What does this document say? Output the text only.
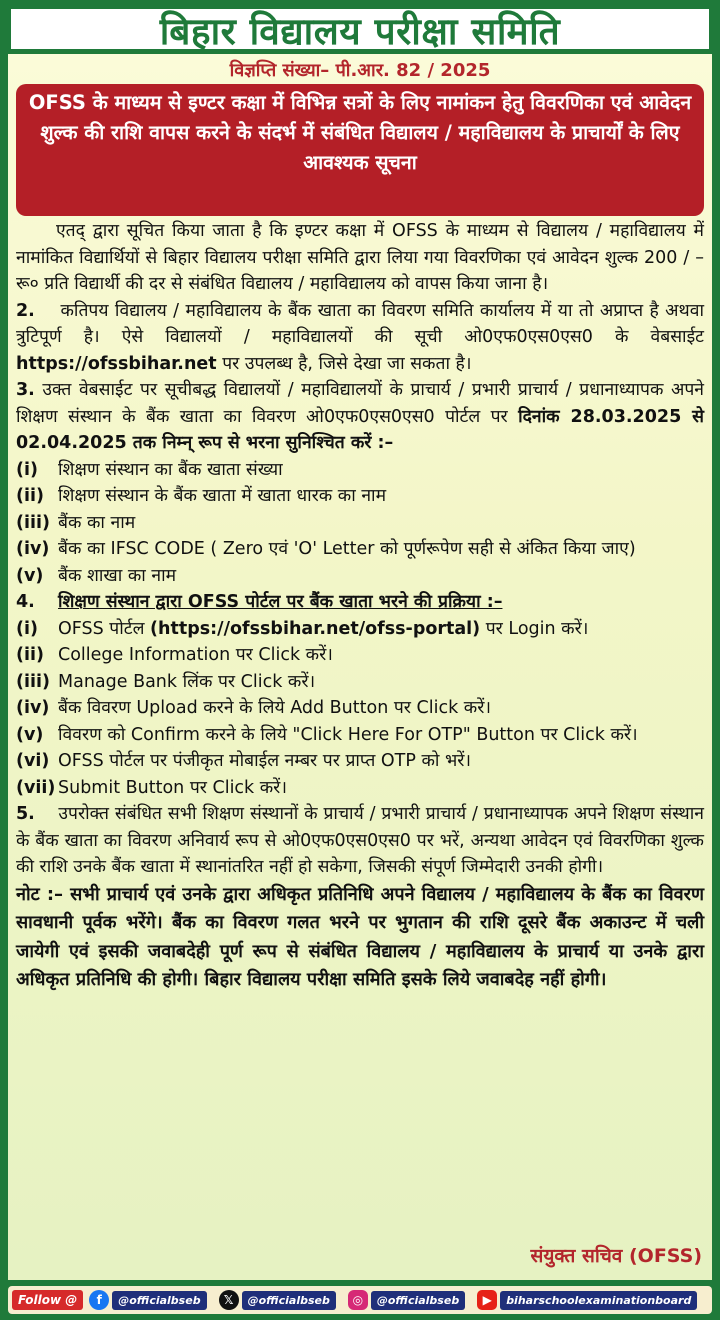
बिहार विद्यालय परीक्षा समिति
विज्ञप्ति संख्या– पी.आर. 82 / 2025
OFSS के माध्यम से इण्टर कक्षा में विभिन्न सत्रों के लिए नामांकन हेतु विवरणिका एवं आवेदन शुल्क की राशि वापस करने के संदर्भ में संबंधित विद्यालय / महाविद्यालय के प्राचार्यों के लिए आवश्यक सूचना

एतद् द्वारा सूचित किया जाता है कि इण्टर कक्षा में OFSS के माध्यम से विद्यालय / महाविद्यालय में नामांकित विद्यार्थियों से बिहार विद्यालय परीक्षा समिति द्वारा लिया गया विवरणिका एवं आवेदन शुल्क 200 / – रू० प्रति विद्यार्थी की दर से संबंधित विद्यालय / महाविद्यालय को वापस किया जाना है।

2. कतिपय विद्यालय / महाविद्यालय के बैंक खाता का विवरण समिति कार्यालय में या तो अप्राप्त है अथवा त्रुटिपूर्ण है। ऐसे विद्यालयों / महाविद्यालयों की सूची ओ0एफ0एस0एस0 के वेबसाईट https://ofssbihar.net पर उपलब्ध है, जिसे देखा जा सकता है।

3. उक्त वेबसाईट पर सूचीबद्ध विद्यालयों / महाविद्यालयों के प्राचार्य / प्रभारी प्राचार्य / प्रधानाध्यापक अपने शिक्षण संस्थान के बैंक खाता का विवरण ओ0एफ0एस0एस0 पोर्टल पर दिनांक 28.03.2025 से 02.04.2025 तक निम्न् रूप से भरना सुनिश्चित करें :–

(i)	शिक्षण संस्थान का बैंक खाता संख्या
(ii) शिक्षण संस्थान के बैंक खाता में खाता धारक का नाम
(iii) बैंक का नाम
(iv) बैंक का IFSC CODE ( Zero एवं 'O' Letter को पूर्णरूपेण सही से अंकित किया जाए)
(v) बैंक शाखा का नाम
4.	शिक्षण संस्थान द्वारा OFSS पोर्टल पर बैंक खाता भरने की प्रक्रिया :–
(i)	OFSS पोर्टल (https://ofssbihar.net/ofss-portal) पर Login करें।
(ii) College Information पर Click करें।
(iii) Manage Bank लिंक पर Click करें।
(iv) बैंक विवरण Upload करने के लिये Add Button पर Click करें।
(v) विवरण को Confirm करने के लिये "Click Here For OTP" Button पर Click करें।
(vi) OFSS पोर्टल पर पंजीकृत मोबाईल नम्बर पर प्राप्त OTP को भरें।
(vii) Submit Button पर Click करें।

5. उपरोक्त संबंधित सभी शिक्षण संस्थानों के प्राचार्य / प्रभारी प्राचार्य / प्रधानाध्यापक अपने शिक्षण संस्थान के बैंक खाता का विवरण अनिवार्य रूप से ओ0एफ0एस0एस0 पर भरें, अन्यथा आवेदन एवं विवरणिका शुल्क की राशि उनके बैंक खाता में स्थानांतरित नहीं हो सकेगा, जिसकी संपूर्ण जिम्मेदारी उनकी होगी।

नोट :– सभी प्राचार्य एवं उनके द्वारा अधिकृत प्रतिनिधि अपने विद्यालय / महाविद्यालय के बैंक का विवरण सावधानी पूर्वक भरेंगे। बैंक का विवरण गलत भरने पर भुगतान की राशि दूसरे बैंक अकाउन्ट में चली जायेगी एवं इसकी जवाबदेही पूर्ण रूप से संबंधित विद्यालय / महाविद्यालय के प्राचार्य या उनके द्वारा अधिकृत प्रतिनिधि की होगी। बिहार विद्यालय परीक्षा समिति इसके लिये जवाबदेह नहीं होगी।

संयुक्त सचिव (OFSS)
Follow @	f	@officialbseb	𝕏	@officialbseb	◎	@officialbseb	▶	biharschoolexaminationboard
